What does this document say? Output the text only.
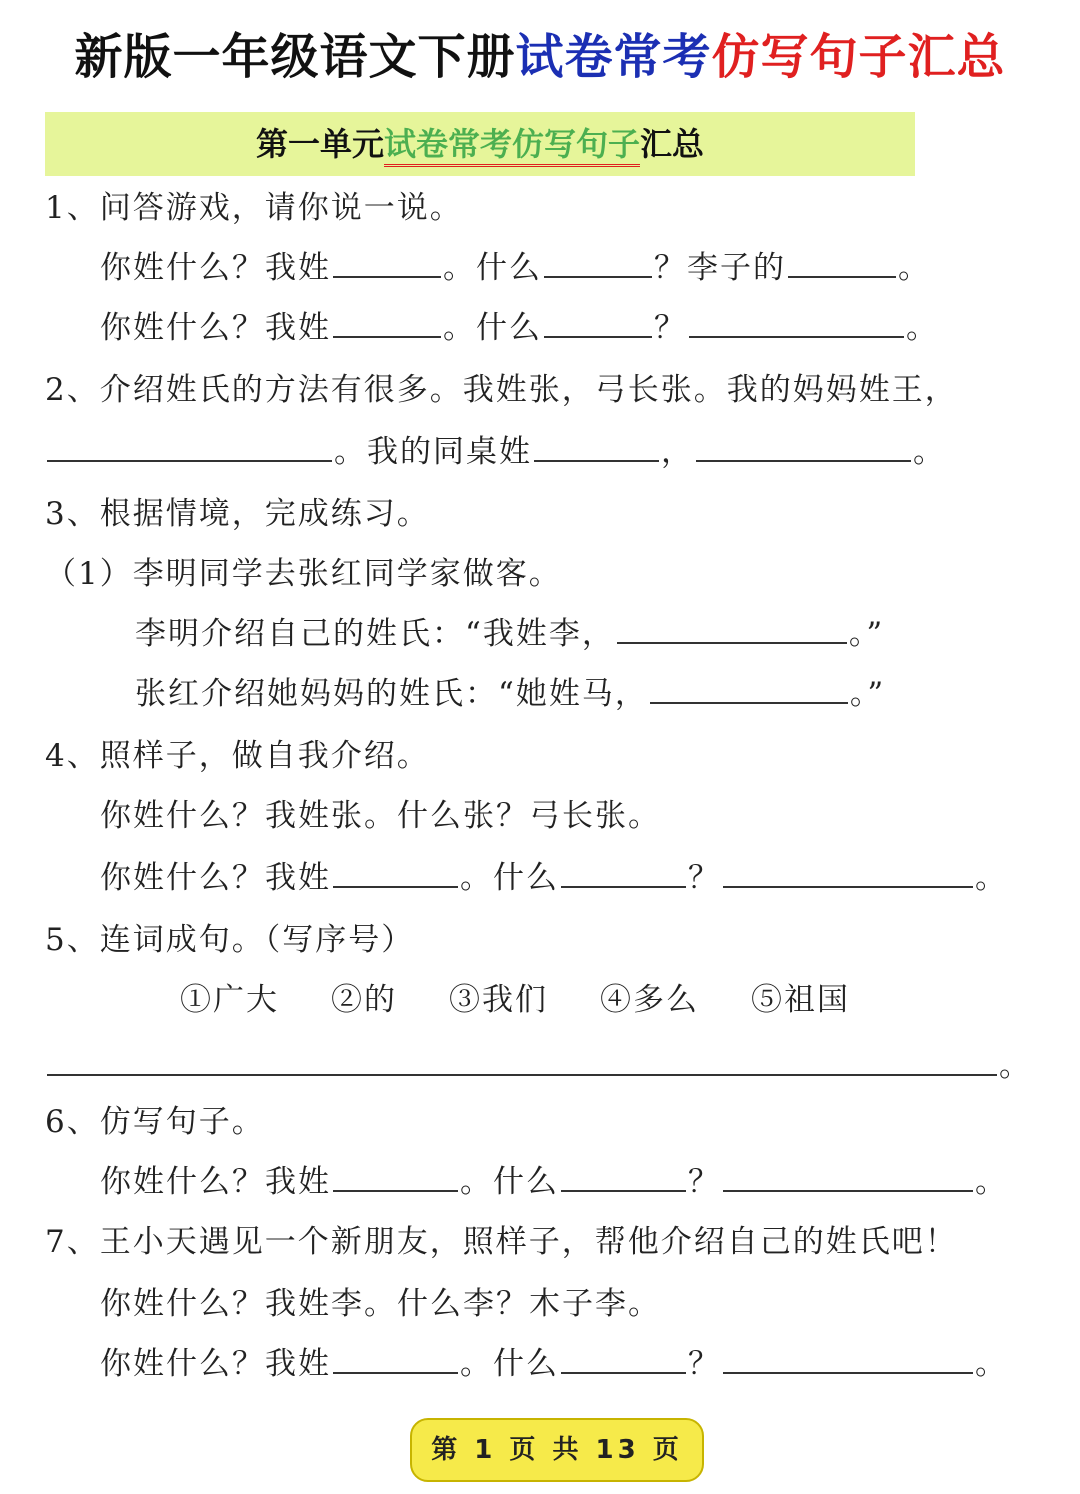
新版一年级语文下册试卷常考仿写句子汇总
第一单元试卷常考仿写句子汇总
1、问答游戏，请你说一说。
你姓什么？我姓	。什么	？李子的	。
你姓什么？我姓	。什么	？	。
2、介绍姓氏的方法有很多。我姓张，弓长张。我的妈妈姓王，
。我的同桌姓	，	。
3、根据情境，完成练习。
（1）李明同学去张红同学家做客。
李明介绍自己的姓氏：“我姓李，	。”
张红介绍她妈妈的姓氏：“她姓马，	。”
4、照样子，做自我介绍。
你姓什么？我姓张。什么张？弓长张。
你姓什么？我姓	。什么	？	。
5、连词成句。（写序号）
①广大 ②的 ③我们 ④多么 ⑤祖国
。
6、仿写句子。
你姓什么？我姓	。什么	？	。
7、王小天遇见一个新朋友，照样子，帮他介绍自己的姓氏吧！
你姓什么？我姓李。什么李？木子李。
你姓什么？我姓	。什么	？	。
第 1 页 共 13 页
